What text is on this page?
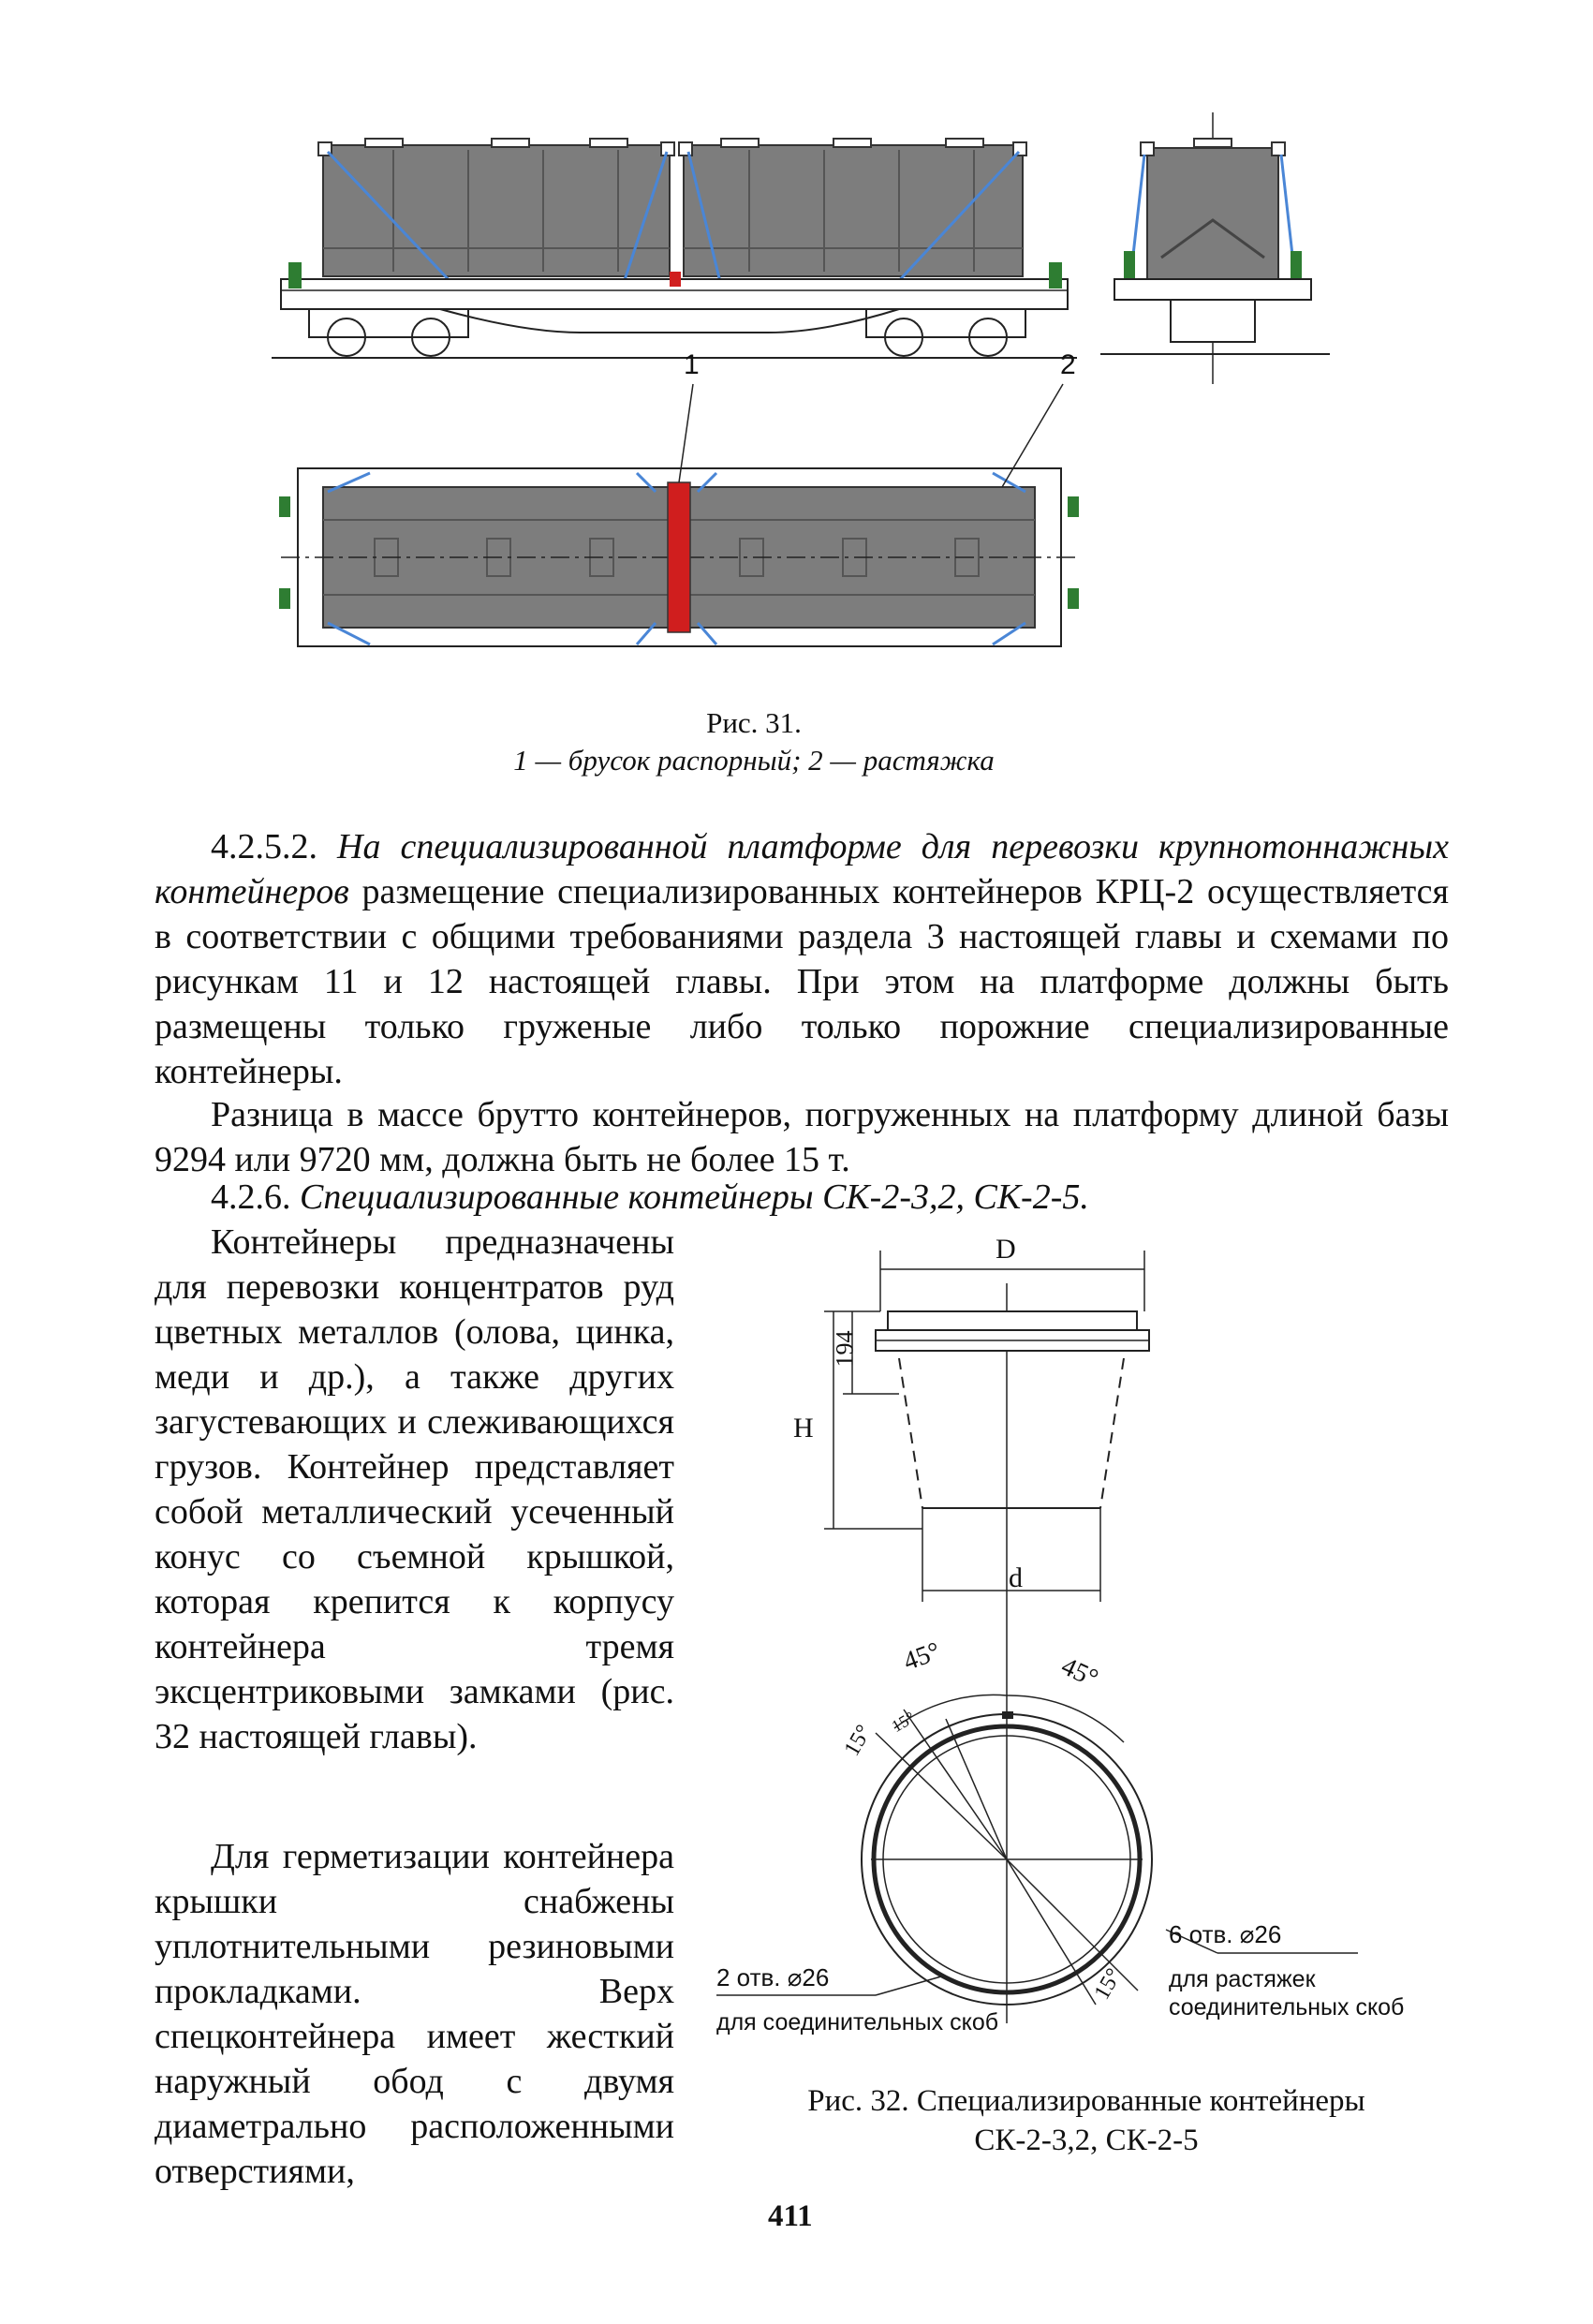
1	2
Рис. 31.
1 — брусок распорный; 2 — растяжка
4.2.5.2. На специализированной платформе для перевозки крупнотоннажных контейнеров размещение специализированных контейнеров КРЦ-2 осуществляется в соответствии с общими требованиями раздела 3 настоящей главы и схемами по рисункам 11 и 12 настоящей главы. При этом на платформе должны быть размещены только груженые либо только порожние специализированные контейнеры.
Разница в массе брутто контейнеров, погруженных на платформу длиной базы 9294 или 9720 мм, должна быть не более 15 т.
4.2.6. Специализированные контейнеры СК-2-3,2, СК-2-5.
Контейнеры предназначены для перевозки концентратов руд цветных металлов (олова, цинка, меди и др.), а также других загустевающих и слеживающихся грузов. Контейнер представляет собой металлический усеченный конус со съемной крышкой, которая крепится к корпусу контейнера тремя эксцентриковыми замками (рис. 32 настоящей главы).
Для герметизации контейнера крышки снабжены уплотнительными резиновыми прокладками. Верх спецконтейнера имеет жесткий наружный обод с двумя диаметрально расположенными отверстиями,
D
H
194
d
45°	45°
15° 15°
15°
6 отв. ⌀26
для растяжек соединительных скоб
2 отв. ⌀26
для соединительных скоб
Рис. 32. Специализированные контейнеры
СК-2-3,2, СК-2-5
411
